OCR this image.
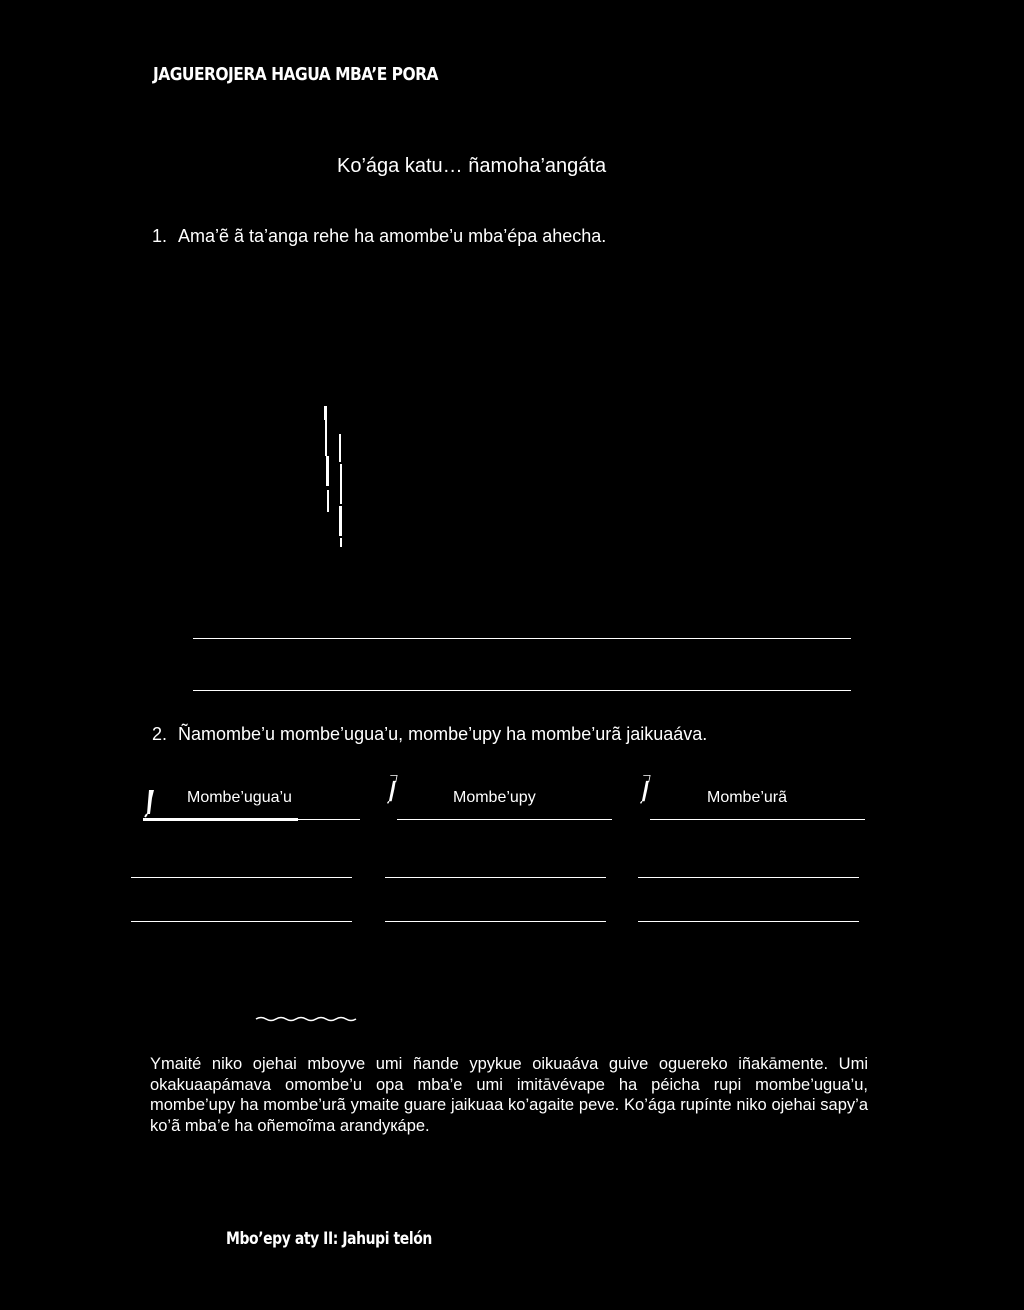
JAGUEROJERA HAGUA MBA’E PORA
Ko’ága katu… ñamoha’angáta
1. Ama’ẽ ã ta’anga rehe ha amombe’u mba’épa ahecha.
2. Ñamombe’u mombe’ugua’u, mombe’upy ha mombe’urã jaikuaáva.
Mombe’ugua’u	Mombe’upy	Mombe’urã
Ymaité niko ojehai mboyve umi ñande ypykue oikuaáva guive oguereko iñakāmente. Umi okakuaapámava omombe’u opa mba’e umi imitāvévape ha péicha rupi mombe’ugua’u, mombe’upy ha mombe’urã ymaite guare jaikuaa ko’agaite peve. Ko’ága rupínte niko ojehai sapy’a ko’ã mba’e ha oñemoĩma arandукápe.
Mbo’epy aty II: Jahupi telón
